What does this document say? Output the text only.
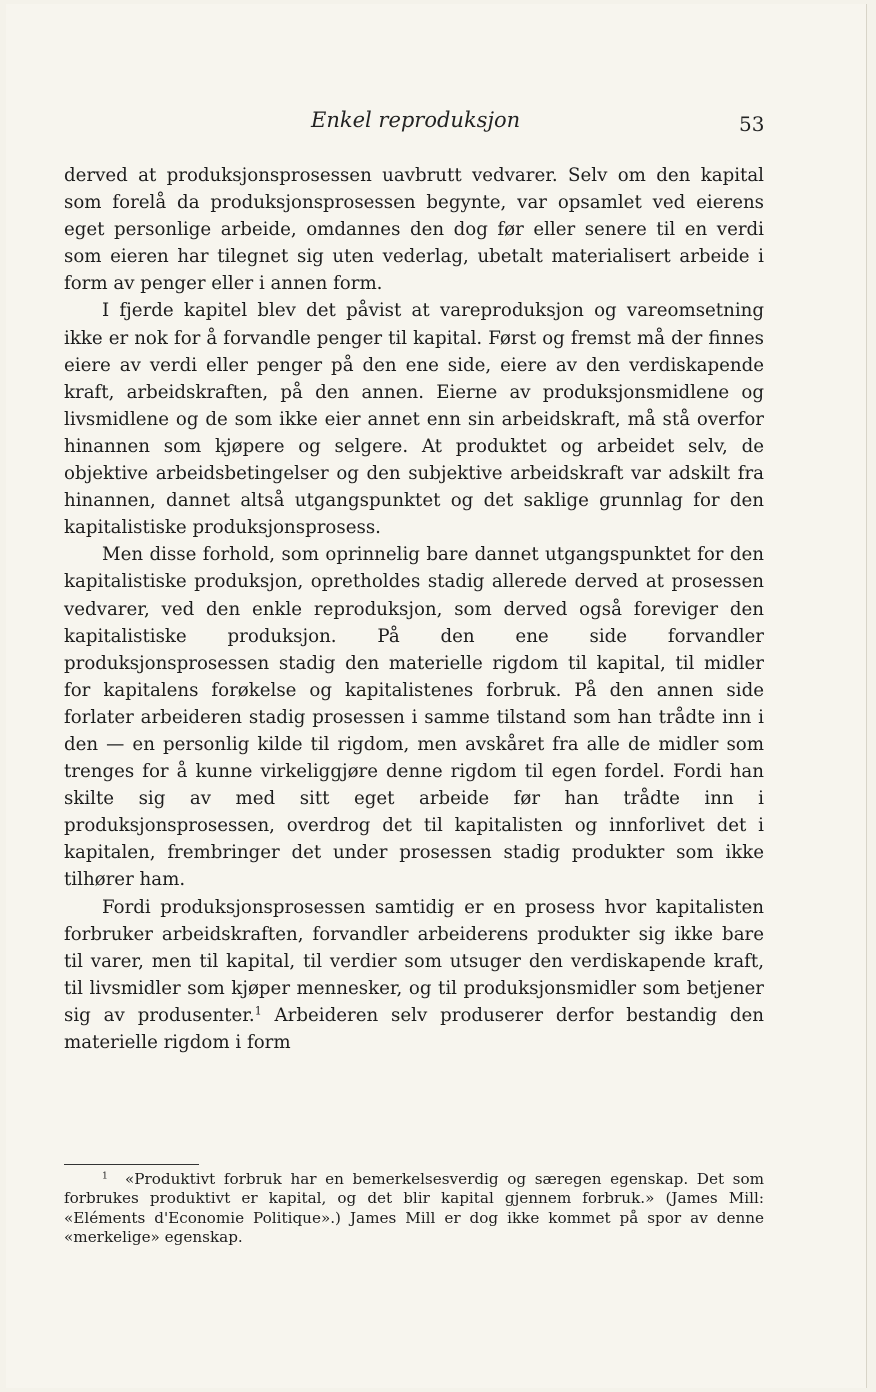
Enkel reproduksjon	53

derved at produksjonsprosessen uavbrutt vedvarer. Selv om den kapital som forelå da produksjonsprosessen begynte, var opsamlet ved eierens eget personlige arbeide, omdannes den dog før eller senere til en verdi som eieren har tilegnet sig uten vederlag, ubetalt materialisert arbeide i form av penger eller i annen form.

I fjerde kapitel blev det påvist at vareproduksjon og vareomsetning ikke er nok for å forvandle penger til kapital. Først og fremst må der finnes eiere av verdi eller penger på den ene side, eiere av den verdiskapende kraft, arbeidskraften, på den annen. Eierne av produksjonsmidlene og livsmidlene og de som ikke eier annet enn sin arbeidskraft, må stå overfor hinannen som kjøpere og selgere. At produktet og arbeidet selv, de objektive arbeidsbetingelser og den subjektive arbeidskraft var adskilt fra hinannen, dannet altså utgangspunktet og det saklige grunnlag for den kapitalistiske produksjonsprosess.

Men disse forhold, som oprinnelig bare dannet utgangspunktet for den kapitalistiske produksjon, opretholdes stadig allerede derved at prosessen vedvarer, ved den enkle reproduksjon, som derved også foreviger den kapitalistiske produksjon. På den ene side forvandler produksjonsprosessen stadig den materielle rigdom til kapital, til midler for kapitalens forøkelse og kapitalistenes forbruk. På den annen side forlater arbeideren stadig prosessen i samme tilstand som han trådte inn i den — en personlig kilde til rigdom, men avskåret fra alle de midler som trenges for å kunne virkeliggjøre denne rigdom til egen fordel. Fordi han skilte sig av med sitt eget arbeide før han trådte inn i produksjonsprosessen, overdrog det til kapitalisten og innforlivet det i kapitalen, frembringer det under prosessen stadig produkter som ikke tilhører ham.

Fordi produksjonsprosessen samtidig er en prosess hvor kapitalisten forbruker arbeidskraften, forvandler arbeiderens produkter sig ikke bare til varer, men til kapital, til verdier som utsuger den verdiskapende kraft, til livsmidler som kjøper mennesker, og til produksjonsmidler som betjener sig av produsenter.$^1$ Arbeideren selv produserer derfor bestandig den materielle rigdom i form

$^1$ «Produktivt forbruk har en bemerkelsesverdig og særegen egenskap. Det som forbrukes produktivt er kapital, og det blir kapital gjennem forbruk.» (James Mill: «Eléments d'Economie Politique».) James Mill er dog ikke kommet på spor av denne «merkelige» egenskap.
